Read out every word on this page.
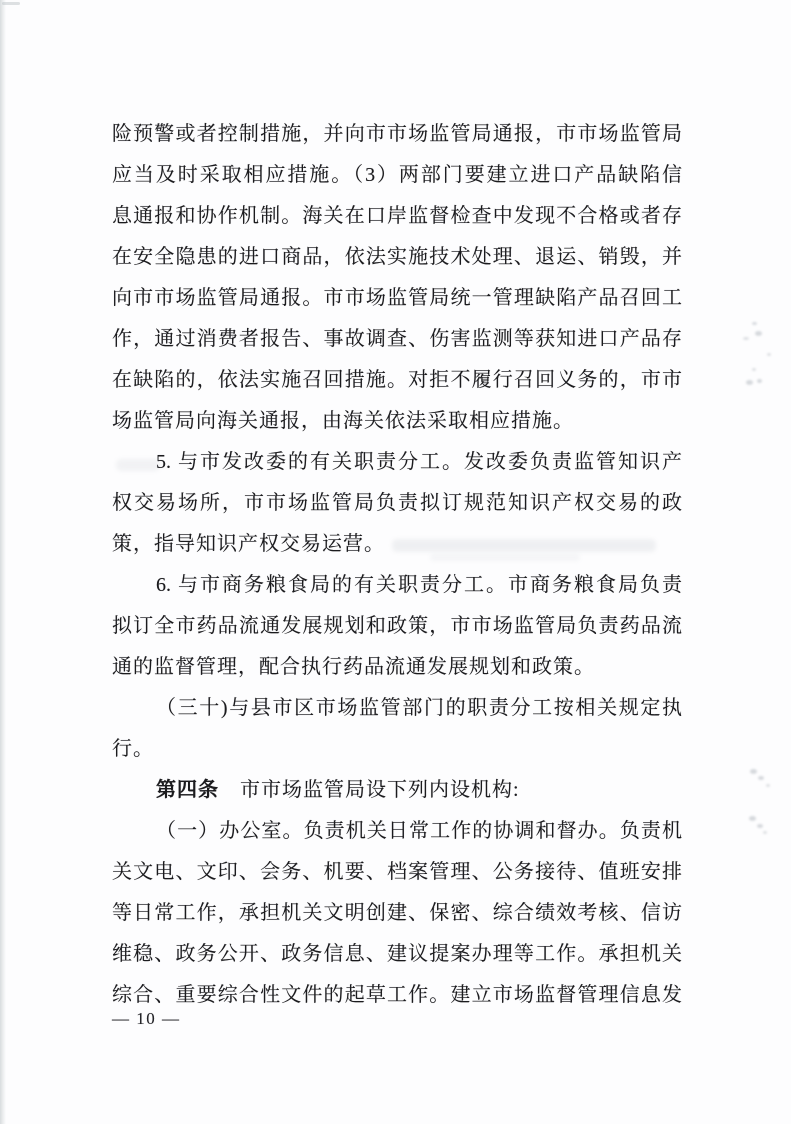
险预警或者控制措施，并向市市场监管局通报，市市场监管局
应当及时采取相应措施。（3）两部门要建立进口产品缺陷信
息通报和协作机制。海关在口岸监督检查中发现不合格或者存
在安全隐患的进口商品，依法实施技术处理、退运、销毁，并
向市市场监管局通报。市市场监管局统一管理缺陷产品召回工
作，通过消费者报告、事故调查、伤害监测等获知进口产品存
在缺陷的，依法实施召回措施。对拒不履行召回义务的，市市
场监管局向海关通报，由海关依法采取相应措施。
5. 与市发改委的有关职责分工。发改委负责监管知识产
权交易场所，市市场监管局负责拟订规范知识产权交易的政
策，指导知识产权交易运营。
6. 与市商务粮食局的有关职责分工。市商务粮食局负责
拟订全市药品流通发展规划和政策，市市场监管局负责药品流
通的监督管理，配合执行药品流通发展规划和政策。
（三十)与县市区市场监管部门的职责分工按相关规定执
行。
第四条　市市场监管局设下列内设机构:
（一）办公室。负责机关日常工作的协调和督办。负责机
关文电、文印、会务、机要、档案管理、公务接待、值班安排
等日常工作，承担机关文明创建、保密、综合绩效考核、信访
维稳、政务公开、政务信息、建议提案办理等工作。承担机关
综合、重要综合性文件的起草工作。建立市场监督管理信息发
— 10 —
